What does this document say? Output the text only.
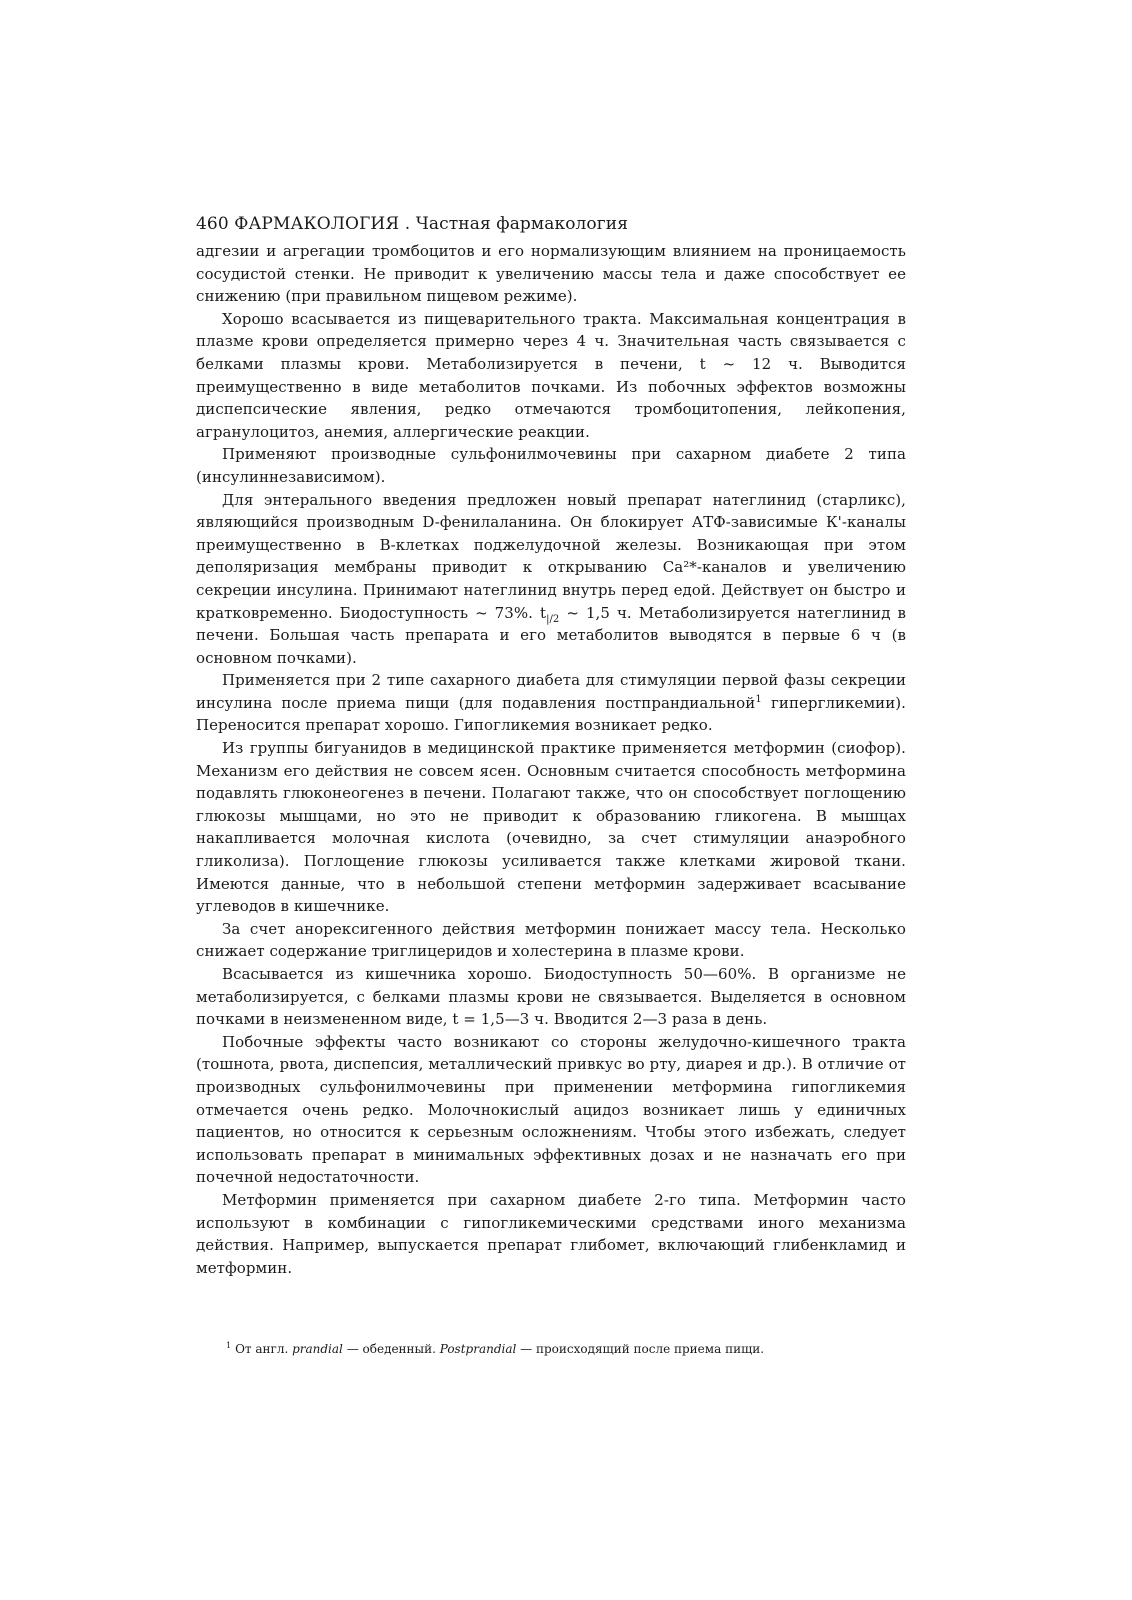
460 ФАРМАКОЛОГИЯ . Частная фармакология

адгезии и агрегации тромбоцитов и его нормализующим влиянием на проницаемость сосудистой стенки. Не приводит к увеличению массы тела и даже способствует ее снижению (при правильном пищевом режиме).

Хорошо всасывается из пищеварительного тракта. Максимальная концентрация в плазме крови определяется примерно через 4 ч. Значительная часть связывается с белками плазмы крови. Метаболизируется в печени, t ~ 12 ч. Выводится преимущественно в виде метаболитов почками. Из побочных эффектов возможны диспепсические явления, редко отмечаются тромбоцитопения, лейкопения, агранулоцитоз, анемия, аллергические реакции.

Применяют производные сульфонилмочевины при сахарном диабете 2 типа (инсулиннезависимом).

Для энтерального введения предложен новый препарат натеглинид (старликс), являющийся производным D-фенилаланина. Он блокирует АТФ-зависимые К'-каналы преимущественно в В-клетках поджелудочной железы. Возникающая при этом деполяризация мембраны приводит к открыванию Са²*-каналов и увеличению секреции инсулина. Принимают натеглинид внутрь перед едой. Действует он быстро и кратковременно. Биодоступность ~ 73%. $t_{|/2}$ ~ 1,5 ч. Метаболизируется натеглинид в печени. Большая часть препарата и его метаболитов выводятся в первые 6 ч (в основном почками).

Применяется при 2 типе сахарного диабета для стимуляции первой фазы секреции инсулина после приема пищи (для подавления постпрандиальной$^1$ гипергликемии). Переносится препарат хорошо. Гипогликемия возникает редко.

Из группы бигуанидов в медицинской практике применяется метформин (сиофор). Механизм его действия не совсем ясен. Основным считается способность метформина подавлять глюконеогенез в печени. Полагают также, что он способствует поглощению глюкозы мышцами, но это не приводит к образованию гликогена. В мышцах накапливается молочная кислота (очевидно, за счет стимуляции анаэробного гликолиза). Поглощение глюкозы усиливается также клетками жировой ткани. Имеются данные, что в небольшой степени метформин задерживает всасывание углеводов в кишечнике.

За счет анорексигенного действия метформин понижает массу тела. Несколько снижает содержание триглицеридов и холестерина в плазме крови.

Всасывается из кишечника хорошо. Биодоступность 50—60%. В организме не метаболизируется, с белками плазмы крови не связывается. Выделяется в основном почками в неизмененном виде, t = 1,5—3 ч. Вводится 2—3 раза в день.

Побочные эффекты часто возникают со стороны желудочно-кишечного тракта (тошнота, рвота, диспепсия, металлический привкус во рту, диарея и др.). В отличие от производных сульфонилмочевины при применении метформина гипогликемия отмечается очень редко. Молочнокислый ацидоз возникает лишь у единичных пациентов, но относится к серьезным осложнениям. Чтобы этого избежать, следует использовать препарат в минимальных эффективных дозах и не назначать его при почечной недостаточности.

Метформин применяется при сахарном диабете 2-го типа. Метформин часто используют в комбинации с гипогликемическими средствами иного механизма действия. Например, выпускается препарат глибомет, включающий глибенкламид и метформин.

$^1$ От англ. prandial — обеденный. Postprandial — происходящий после приема пищи.
